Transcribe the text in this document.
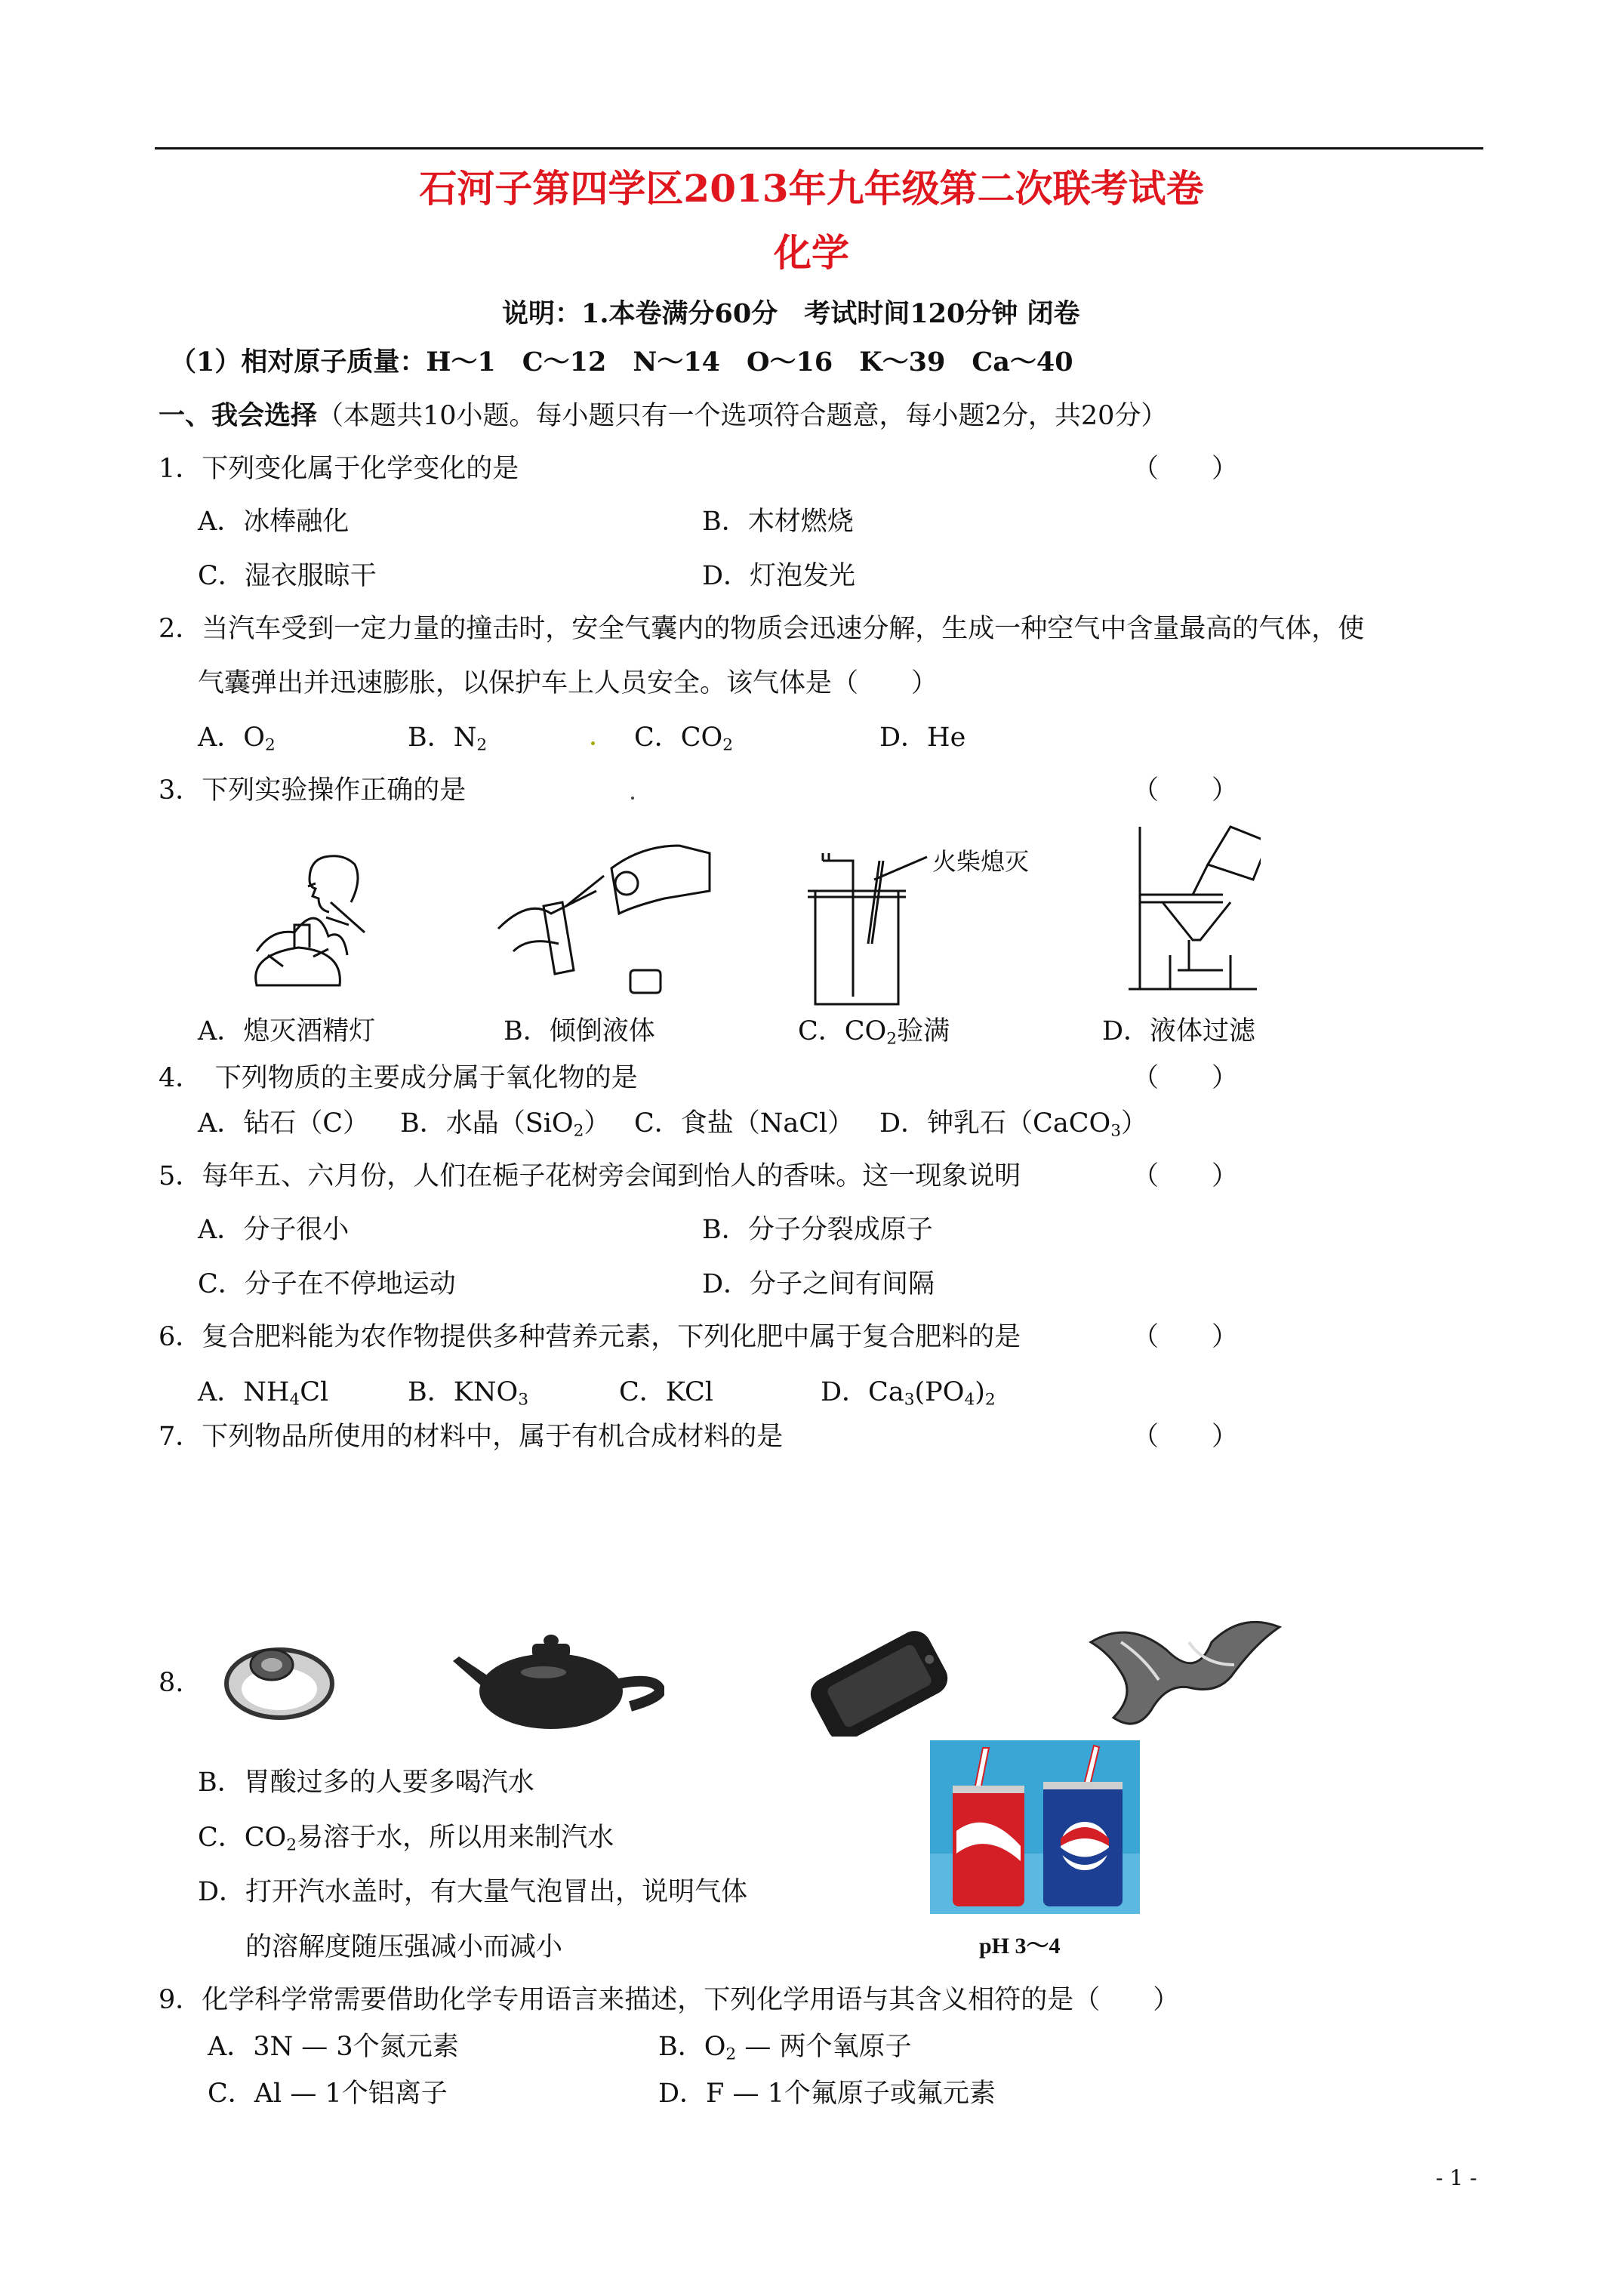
石河子第四学区2013年九年级第二次联考试卷
化学
说明：1.本卷满分60分　考试时间120分钟 闭卷
（1）相对原子质量：H～1　C～12　N～14　O～16　K～39　Ca～40
一、我会选择（本题共10小题。每小题只有一个选项符合题意，每小题2分，共20分）
1．下列变化属于化学变化的是	（　　）
A．冰棒融化	B．木材燃烧
C．湿衣服晾干	D．灯泡发光
2．当汽车受到一定力量的撞击时，安全气囊内的物质会迅速分解，生成一种空气中含量最高的气体，使
气囊弹出并迅速膨胀，以保护车上人员安全。该气体是（　　）
A．$O_2$	B．$N_2$	C．$CO_2$	D．He
3．下列实验操作正确的是	（　　）
火柴熄灭
A．熄灭酒精灯	B．倾倒液体	C．$CO_2$验满	D．液体过滤
4．　下列物质的主要成分属于氧化物的是	（　　）
A．钻石（C） B．水晶（SiO$_2$） C．食盐（NaCl） D．钟乳石（CaCO$_3$）
5．每年五、六月份，人们在梔子花树旁会闻到怡人的香味。这一现象说明	（　　）
A．分子很小	B．分子分裂成原子
C．分子在不停地运动	D．分子之间有间隔
6．复合肥料能为农作物提供多种营养元素，下列化肥中属于复合肥料的是	（　　）
A．$NH_4Cl$	B．$KNO_3$	C．KCl	D．$Ca_3(PO_4)_2$
7．下列物品所使用的材料中，属于有机合成材料的是	（　　）
8.
B．胃酸过多的人要多喝汽水
C．$CO_2$易溶于水，所以用来制汽水
D．打开汽水盖时，有大量气泡冒出，说明气体
的溶解度随压强减小而减小	pH 3～4
9．化学科学常需要借助化学专用语言来描述，下列化学用语与其含义相符的是（　　）
A．3N — 3个氮元素	B．$O_2$ — 两个氧原子
C．Al — 1个铝离子	D．F — 1个氟原子或氟元素
- 1 -
